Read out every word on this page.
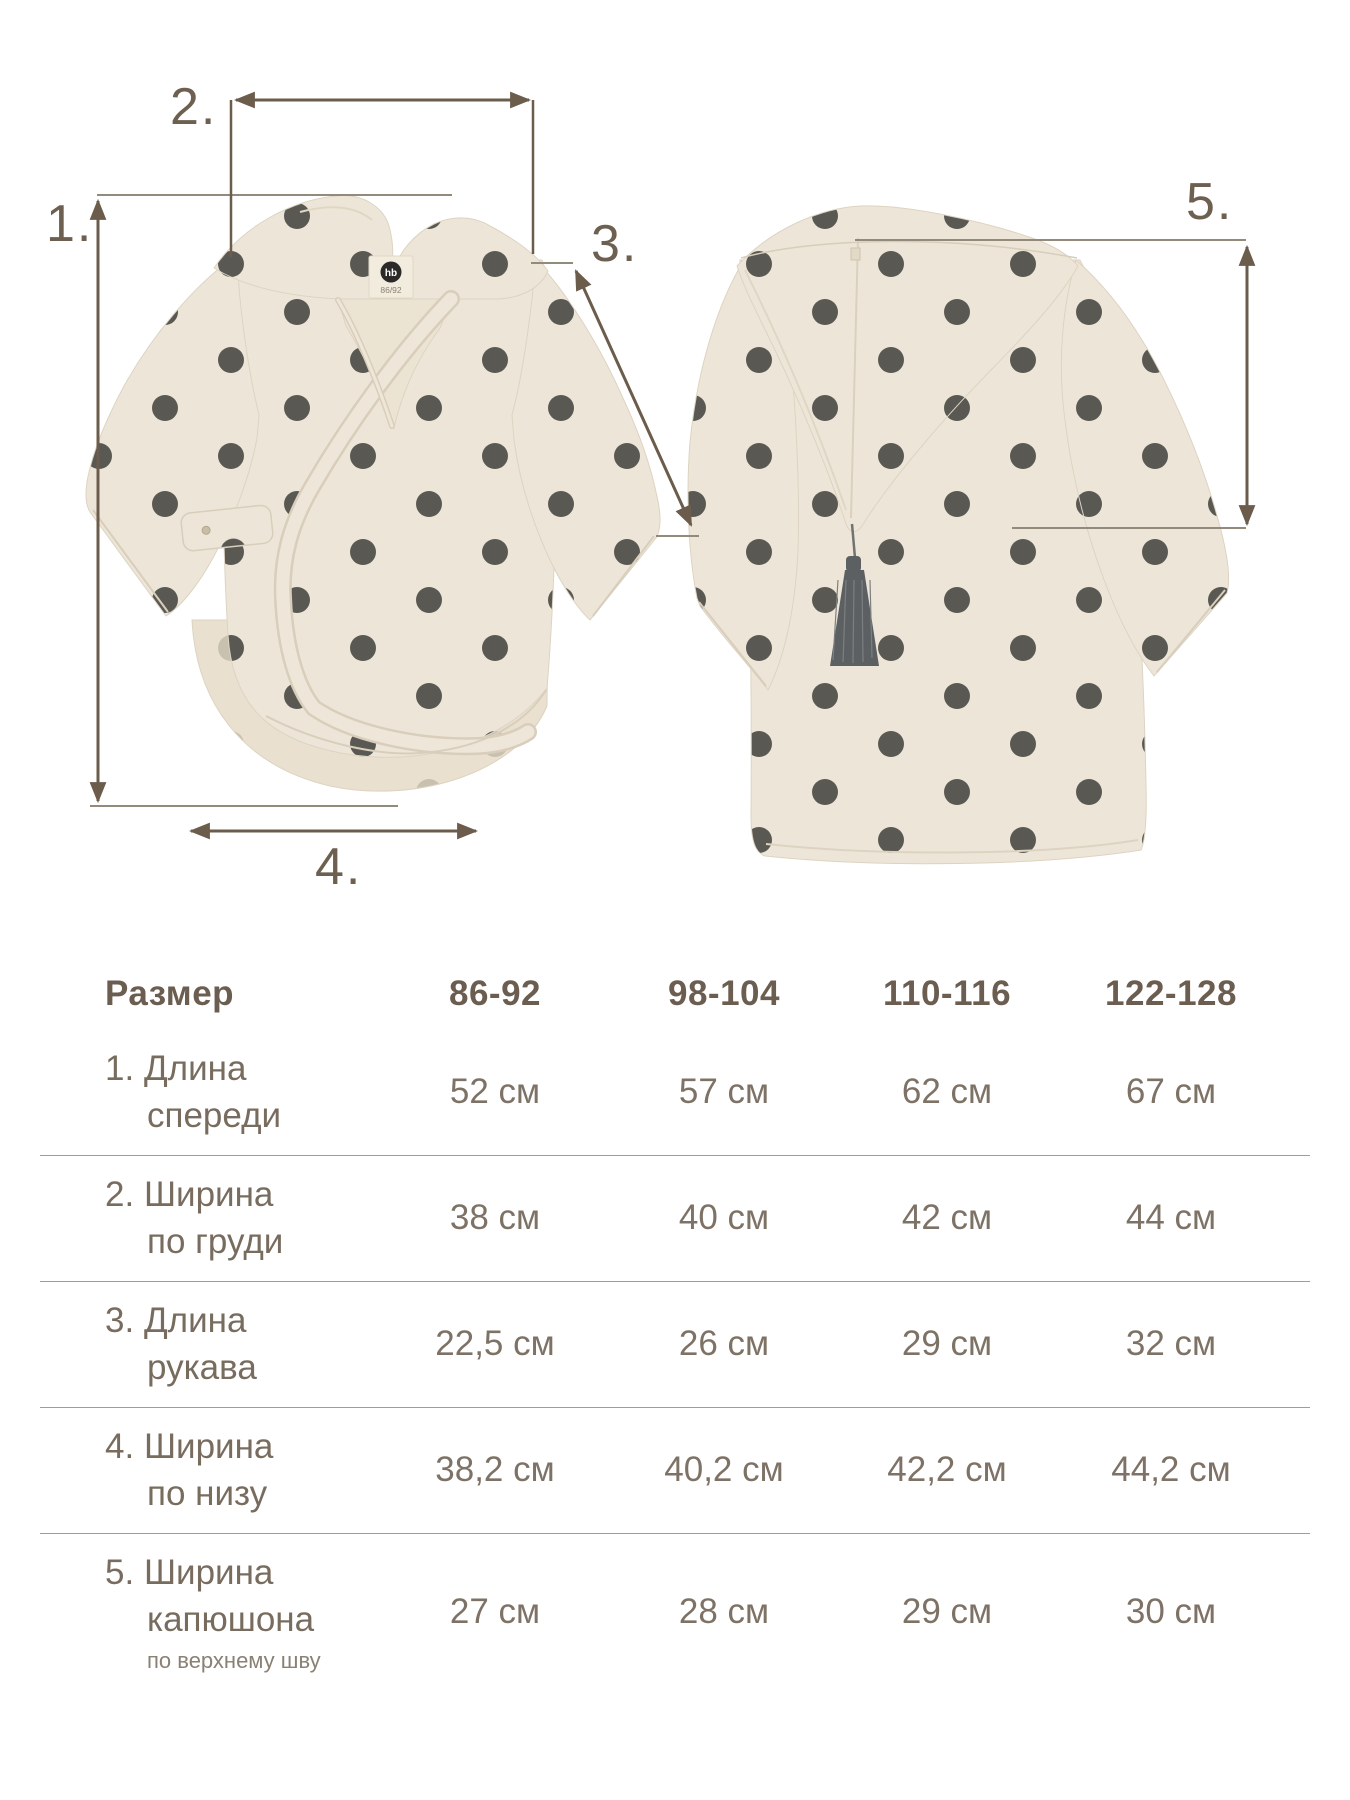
hb
86/92
1.
2.
3.
4.
5.
Размер	86-92	98-104	110-116	122-128
1. Длина
спереди
52 см	57 см	62 см	67 см
2. Ширина
по груди
38 см	40 см	42 см	44 см
3. Длина
рукава
22,5 см	26 см	29 см	32 см
4. Ширина
по низу
38,2 см	40,2 см	42,2 см	44,2 см
5. Ширина
капюшона
по верхнему шву
27 см	28 см	29 см	30 см
